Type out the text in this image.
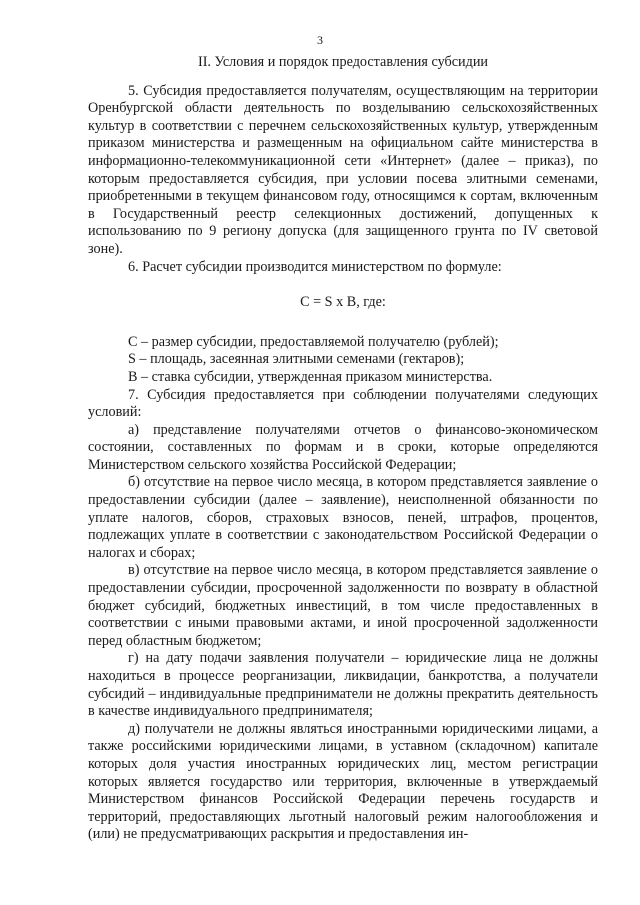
3
II. Условия и порядок предоставления субсидии

5. Субсидия предоставляется получателям, осуществляющим на территории Оренбургской области деятельность по возделыванию сельскохозяйственных культур в соответствии с перечнем сельскохозяйственных культур, утвержденным приказом министерства и размещенным на официальном сайте министерства в информационно-телекоммуникационной сети «Интернет» (далее – приказ), по которым предоставляется субсидия, при условии посева элитными семенами, приобретенными в текущем финансовом году, относящимся к сортам, включенным в Государственный реестр селекционных достижений, допущенных к использованию по 9 региону допуска (для защищенного грунта по IV световой зоне).

6. Расчет субсидии производится министерством по формуле:

С = S x В, где:

С – размер субсидии, предоставляемой получателю (рублей);

S – площадь, засеянная элитными семенами (гектаров);

В – ставка субсидии, утвержденная приказом министерства.

7. Субсидия предоставляется при соблюдении получателями следующих условий:

а) представление получателями отчетов о финансово-экономическом состоянии, составленных по формам и в сроки, которые определяются Министерством сельского хозяйства Российской Федерации;

б) отсутствие на первое число месяца, в котором представляется заявление о предоставлении субсидии (далее – заявление), неисполненной обязанности по уплате налогов, сборов, страховых взносов, пеней, штрафов, процентов, подлежащих уплате в соответствии с законодательством Российской Федерации о налогах и сборах;

в) отсутствие на первое число месяца, в котором представляется заявление о предоставлении субсидии, просроченной задолженности по возврату в областной бюджет субсидий, бюджетных инвестиций, в том числе предоставленных в соответствии с иными правовыми актами, и иной просроченной задолженности перед областным бюджетом;

г) на дату подачи заявления получатели – юридические лица не должны находиться в процессе реорганизации, ликвидации, банкротства, а получатели субсидий – индивидуальные предприниматели не должны прекратить деятельность в качестве индивидуального предпринимателя;

д) получатели не должны являться иностранными юридическими лицами, а также российскими юридическими лицами, в уставном (складочном) капитале которых доля участия иностранных юридических лиц, местом регистрации которых является государство или территория, включенные в утверждаемый Министерством финансов Российской Федерации перечень государств и территорий, предоставляющих льготный налоговый режим налогообложения и (или) не предусматривающих раскрытия и предоставления ин-
